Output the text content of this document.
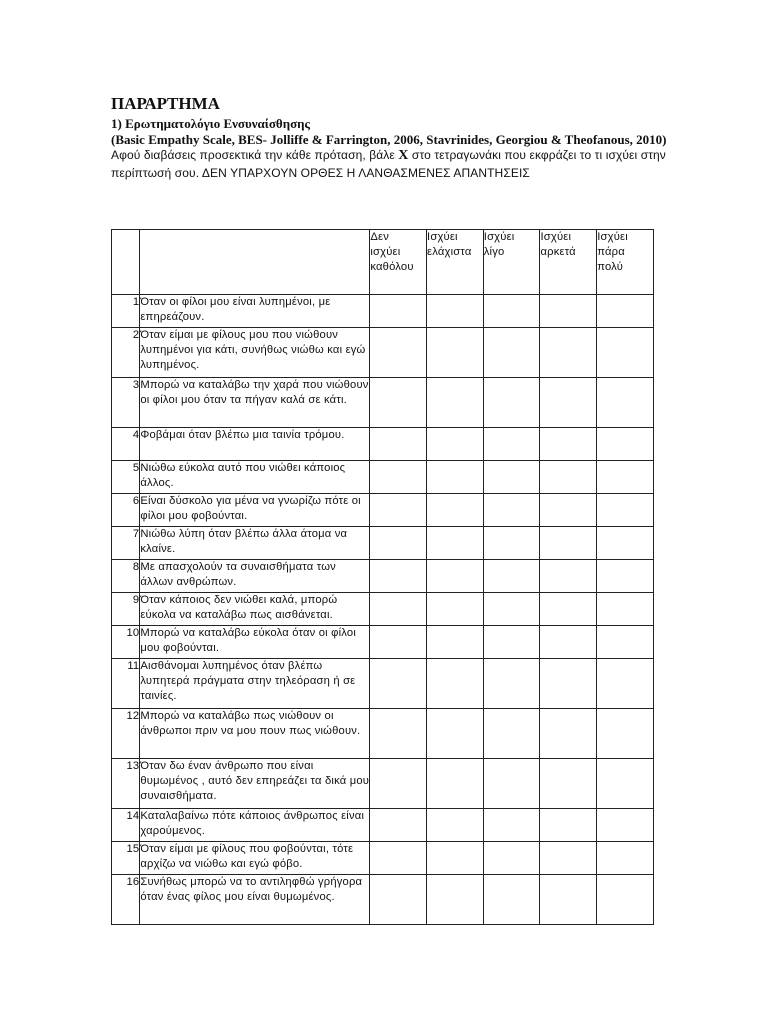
ΠΑΡΑΡΤΗΜΑ

1) Ερωτηματολόγιο Ενσυναίσθησης

(Basic Empathy Scale, BES- Jolliffe & Farrington, 2006, Stavrinides, Georgiou & Theofanous, 2010)

Αφού διαβάσεις προσεκτικά την κάθε πρόταση, βάλε Χ στο τετραγωνάκι που εκφράζει το τι ισχύει στην περίπτωσή σου. ΔΕΝ ΥΠΑΡΧΟΥΝ ΟΡΘΕΣ Η ΛΑΝΘΑΣΜΕΝΕΣ ΑΠΑΝΤΗΣΕΙΣ

		Δεν
ισχύει
καθόλου	Ισχύει
ελάχιστα	Ισχύει
λίγο	Ισχύει
αρκετά	Ισχύει
πάρα
πολύ

1	Όταν οι φίλοι μου είναι λυπημένοι, με επηρεάζουν.					
2	Όταν είμαι με φίλους μου που νιώθουν λυπημένοι για κάτι, συνήθως νιώθω και εγώ λυπημένος.					
3	Μπορώ να καταλάβω την χαρά που νιώθουν οι φίλοι μου όταν τα πήγαν καλά σε κάτι.					
4	Φοβάμαι όταν βλέπω μια ταινία τρόμου.					
5	Νιώθω εύκολα αυτό που νιώθει κάποιος άλλος.					
6	Είναι δύσκολο για μένα να γνωρίζω πότε οι φίλοι μου φοβούνται.					
7	Νιώθω λύπη όταν βλέπω άλλα άτομα να κλαίνε.					
8	Με απασχολούν τα συναισθήματα των άλλων ανθρώπων.					
9	Όταν κάποιος δεν νιώθει καλά, μπορώ εύκολα να καταλάβω πως αισθάνεται.					
10	Μπορώ να καταλάβω εύκολα όταν οι φίλοι μου φοβούνται.					
11	Αισθάνομαι λυπημένος όταν βλέπω λυπητερά πράγματα στην τηλεόραση ή σε ταινίες.					
12	Μπορώ να καταλάβω πως νιώθουν οι άνθρωποι πριν να μου πουν πως νιώθουν.					
13	Όταν δω έναν άνθρωπο που είναι θυμωμένος , αυτό δεν επηρεάζει τα δικά μου συναισθήματα.					
14	Καταλαβαίνω πότε κάποιος άνθρωπος είναι χαρούμενος.					
15	Όταν είμαι με φίλους που φοβούνται, τότε αρχίζω να νιώθω και εγώ φόβο.					
16	Συνήθως μπορώ να το αντιληφθώ γρήγορα όταν ένας φίλος μου είναι θυμωμένος.					
